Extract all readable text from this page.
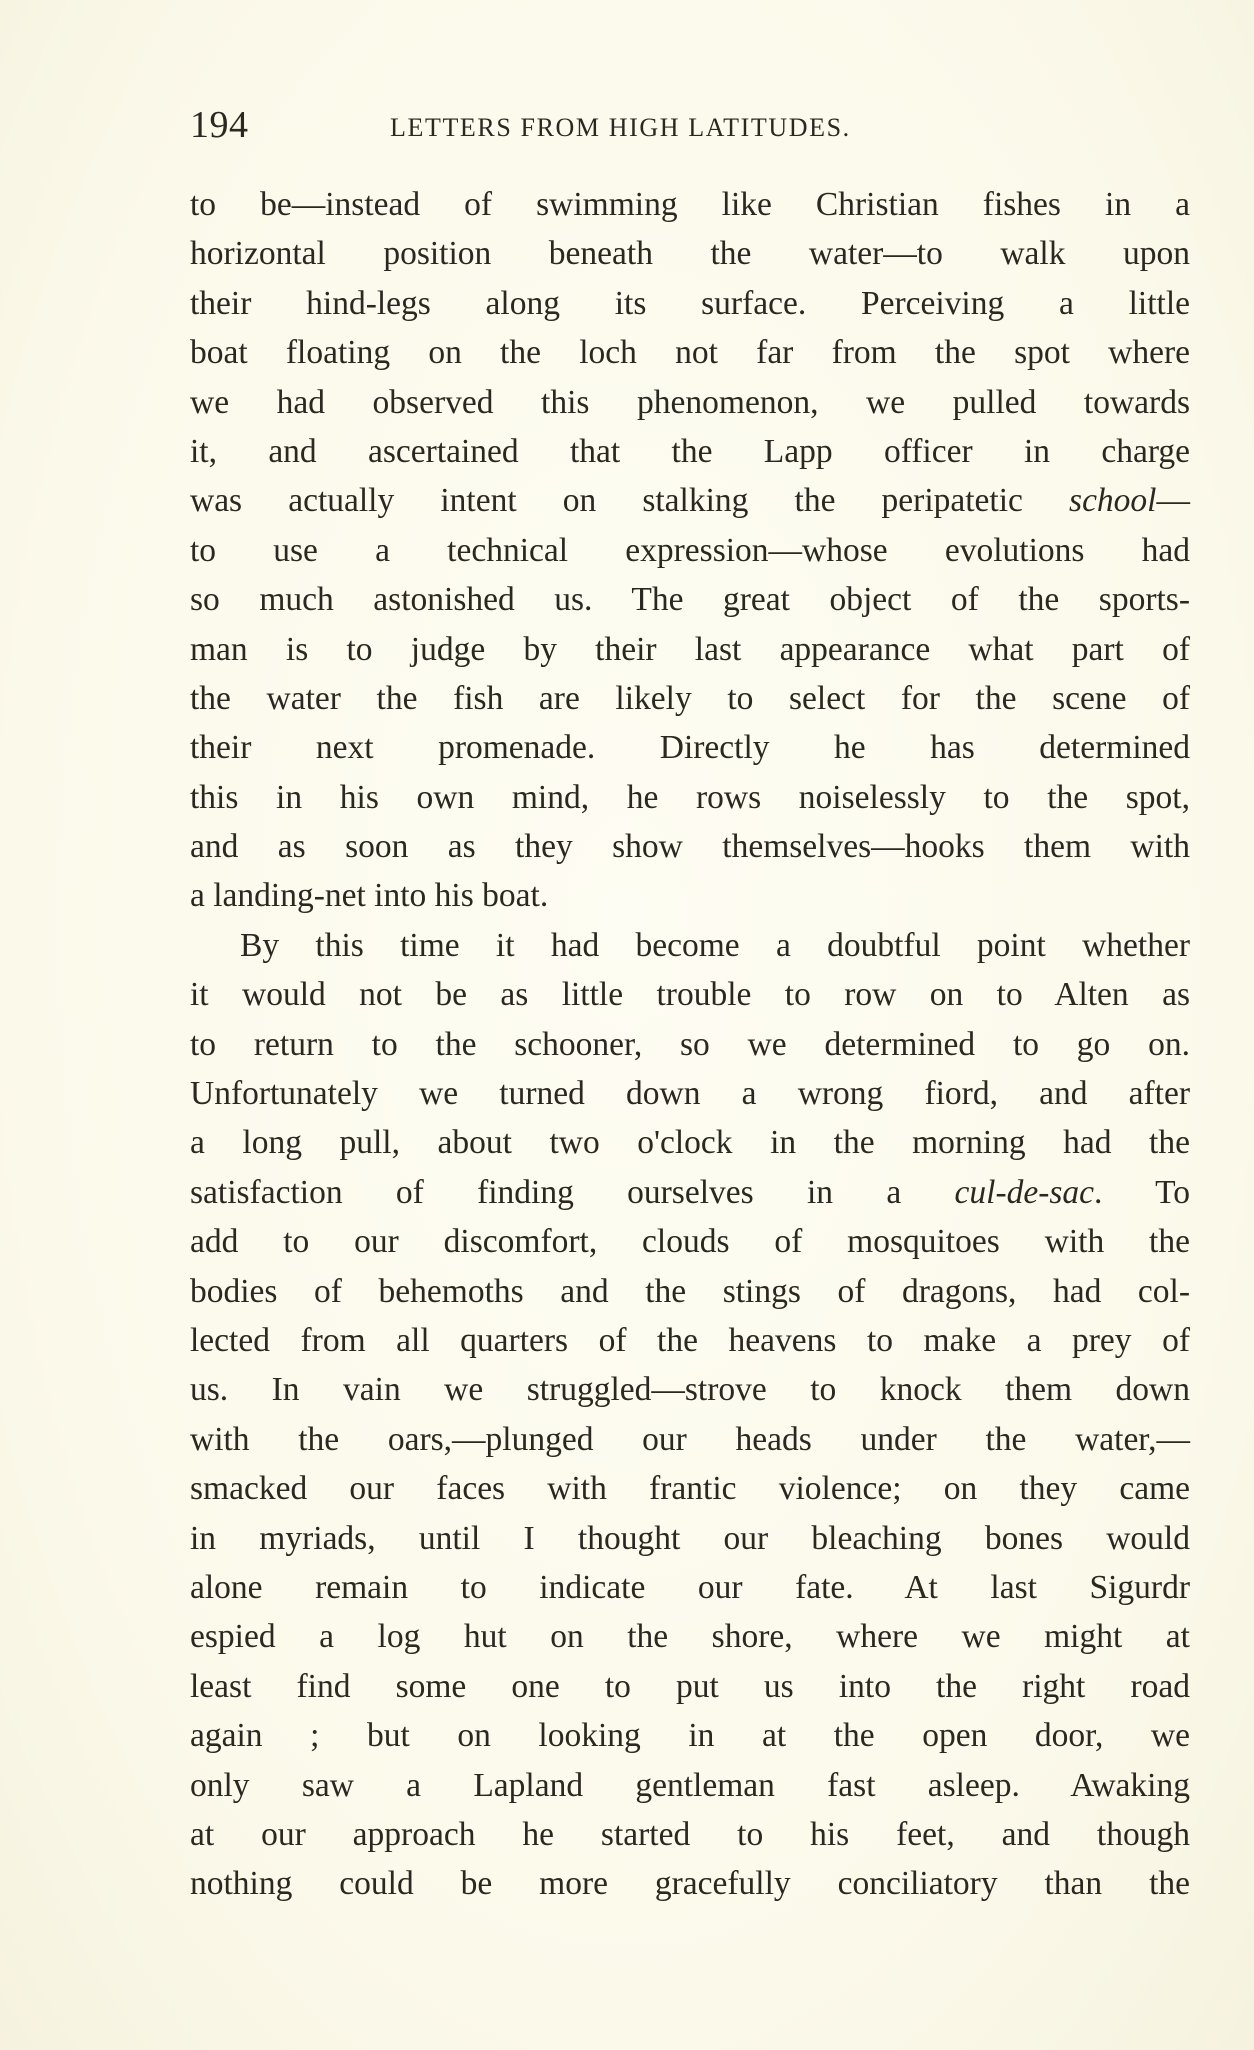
194	LETTERS FROM HIGH LATITUDES.
to be—instead of swimming like Christian fishes in a
horizontal position beneath the water—to walk upon
their hind-legs along its surface. Perceiving a little
boat floating on the loch not far from the spot where
we had observed this phenomenon, we pulled towards
it, and ascertained that the Lapp officer in charge
was actually intent on stalking the peripatetic school—
to use a technical expression—whose evolutions had
so much astonished us. The great object of the sports-
man is to judge by their last appearance what part of
the water the fish are likely to select for the scene of
their next promenade. Directly he has determined
this in his own mind, he rows noiselessly to the spot,
and as soon as they show themselves—hooks them with
a landing-net into his boat.
By this time it had become a doubtful point whether
it would not be as little trouble to row on to Alten as
to return to the schooner, so we determined to go on.
Unfortunately we turned down a wrong fiord, and after
a long pull, about two o'clock in the morning had the
satisfaction of finding ourselves in a cul-de-sac. To
add to our discomfort, clouds of mosquitoes with the
bodies of behemoths and the stings of dragons, had col-
lected from all quarters of the heavens to make a prey of
us. In vain we struggled—strove to knock them down
with the oars,—plunged our heads under the water,—
smacked our faces with frantic violence; on they came
in myriads, until I thought our bleaching bones would
alone remain to indicate our fate. At last Sigurdr
espied a log hut on the shore, where we might at
least find some one to put us into the right road
again ; but on looking in at the open door, we
only saw a Lapland gentleman fast asleep. Awaking
at our approach he started to his feet, and though
nothing could be more gracefully conciliatory than the
